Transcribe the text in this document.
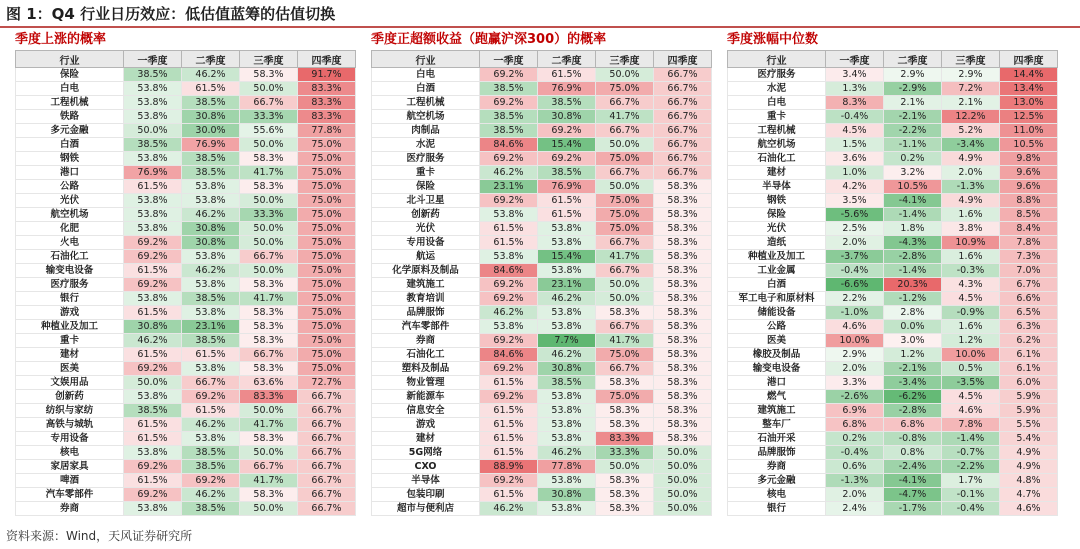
图 1：Q4 行业日历效应：低估值蓝筹的估值切换
季度上涨的概率
行业	一季度	二季度	三季度	四季度
保险	38.5%	46.2%	58.3%	91.7%
白电	53.8%	61.5%	50.0%	83.3%
工程机械	53.8%	38.5%	66.7%	83.3%
铁路	53.8%	30.8%	33.3%	83.3%
多元金融	50.0%	30.0%	55.6%	77.8%
白酒	38.5%	76.9%	50.0%	75.0%
钢铁	53.8%	38.5%	58.3%	75.0%
港口	76.9%	38.5%	41.7%	75.0%
公路	61.5%	53.8%	58.3%	75.0%
光伏	53.8%	53.8%	50.0%	75.0%
航空机场	53.8%	46.2%	33.3%	75.0%
化肥	53.8%	30.8%	50.0%	75.0%
火电	69.2%	30.8%	50.0%	75.0%
石油化工	69.2%	53.8%	66.7%	75.0%
输变电设备	61.5%	46.2%	50.0%	75.0%
医疗服务	69.2%	53.8%	58.3%	75.0%
银行	53.8%	38.5%	41.7%	75.0%
游戏	61.5%	53.8%	58.3%	75.0%
种植业及加工	30.8%	23.1%	58.3%	75.0%
重卡	46.2%	38.5%	58.3%	75.0%
建材	61.5%	61.5%	66.7%	75.0%
医美	69.2%	53.8%	58.3%	75.0%
文娱用品	50.0%	66.7%	63.6%	72.7%
创新药	53.8%	69.2%	83.3%	66.7%
纺织与家纺	38.5%	61.5%	50.0%	66.7%
高铁与城轨	61.5%	46.2%	41.7%	66.7%
专用设备	61.5%	53.8%	58.3%	66.7%
核电	53.8%	38.5%	50.0%	66.7%
家居家具	69.2%	38.5%	66.7%	66.7%
啤酒	61.5%	69.2%	41.7%	66.7%
汽车零部件	69.2%	46.2%	58.3%	66.7%
券商	53.8%	38.5%	50.0%	66.7%
季度正超额收益（跑赢沪深300）的概率
行业	一季度	二季度	三季度	四季度
白电	69.2%	61.5%	50.0%	66.7%
白酒	38.5%	76.9%	75.0%	66.7%
工程机械	69.2%	38.5%	66.7%	66.7%
航空机场	38.5%	30.8%	41.7%	66.7%
肉制品	38.5%	69.2%	66.7%	66.7%
水泥	84.6%	15.4%	50.0%	66.7%
医疗服务	69.2%	69.2%	75.0%	66.7%
重卡	46.2%	38.5%	66.7%	66.7%
保险	23.1%	76.9%	50.0%	58.3%
北斗卫星	69.2%	61.5%	75.0%	58.3%
创新药	53.8%	61.5%	75.0%	58.3%
光伏	61.5%	53.8%	75.0%	58.3%
专用设备	61.5%	53.8%	66.7%	58.3%
航运	53.8%	15.4%	41.7%	58.3%
化学原料及制品	84.6%	53.8%	66.7%	58.3%
建筑施工	69.2%	23.1%	50.0%	58.3%
教育培训	69.2%	46.2%	50.0%	58.3%
品牌服饰	46.2%	53.8%	58.3%	58.3%
汽车零部件	53.8%	53.8%	66.7%	58.3%
券商	69.2%	7.7%	41.7%	58.3%
石油化工	84.6%	46.2%	75.0%	58.3%
塑料及制品	69.2%	30.8%	66.7%	58.3%
物业管理	61.5%	38.5%	58.3%	58.3%
新能源车	69.2%	53.8%	75.0%	58.3%
信息安全	61.5%	53.8%	58.3%	58.3%
游戏	61.5%	53.8%	58.3%	58.3%
建材	61.5%	53.8%	83.3%	58.3%
5G网络	61.5%	46.2%	33.3%	50.0%
CXO	88.9%	77.8%	50.0%	50.0%
半导体	69.2%	53.8%	58.3%	50.0%
包装印刷	61.5%	30.8%	58.3%	50.0%
超市与便利店	46.2%	53.8%	58.3%	50.0%
季度涨幅中位数
行业	一季度	二季度	三季度	四季度
医疗服务	3.4%	2.9%	2.9%	14.4%
水泥	1.3%	-2.9%	7.2%	13.4%
白电	8.3%	2.1%	2.1%	13.0%
重卡	-0.4%	-2.1%	12.2%	12.5%
工程机械	4.5%	-2.2%	5.2%	11.0%
航空机场	1.5%	-1.1%	-3.4%	10.5%
石油化工	3.6%	0.2%	4.9%	9.8%
建材	1.0%	3.2%	2.0%	9.6%
半导体	4.2%	10.5%	-1.3%	9.6%
钢铁	3.5%	-4.1%	4.9%	8.8%
保险	-5.6%	-1.4%	1.6%	8.5%
光伏	2.5%	1.8%	3.8%	8.4%
造纸	2.0%	-4.3%	10.9%	7.8%
种植业及加工	-3.7%	-2.8%	1.6%	7.3%
工业金属	-0.4%	-1.4%	-0.3%	7.0%
白酒	-6.6%	20.3%	4.3%	6.7%
军工电子和原材料	2.2%	-1.2%	4.5%	6.6%
储能设备	-1.0%	2.8%	-0.9%	6.5%
公路	4.6%	0.0%	1.6%	6.3%
医美	10.0%	3.0%	1.2%	6.2%
橡胶及制品	2.9%	1.2%	10.0%	6.1%
输变电设备	2.0%	-2.1%	0.5%	6.1%
港口	3.3%	-3.4%	-3.5%	6.0%
燃气	-2.6%	-6.2%	4.5%	5.9%
建筑施工	6.9%	-2.8%	4.6%	5.9%
整车厂	6.8%	6.8%	7.8%	5.5%
石油开采	0.2%	-0.8%	-1.4%	5.4%
品牌服饰	-0.4%	0.8%	-0.7%	4.9%
券商	0.6%	-2.4%	-2.2%	4.9%
多元金融	-1.3%	-4.1%	1.7%	4.8%
核电	2.0%	-4.7%	-0.1%	4.7%
银行	2.4%	-1.7%	-0.4%	4.6%
资料来源：Wind，天风证券研究所
